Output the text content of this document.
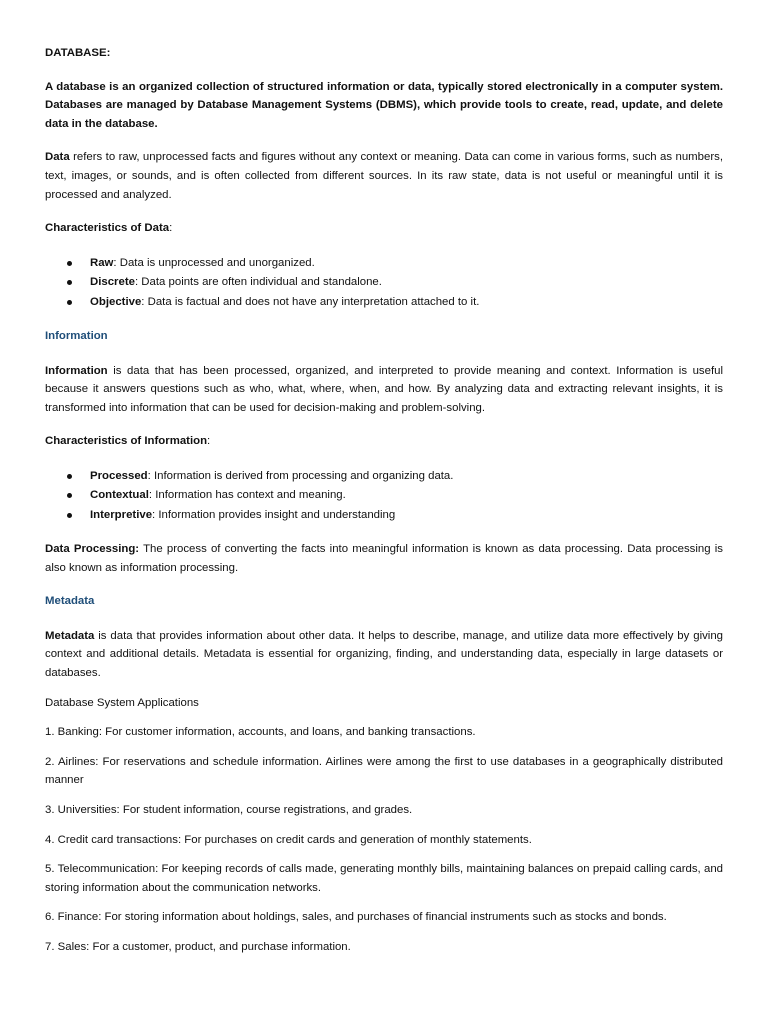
DATABASE:

A database is an organized collection of structured information or data, typically stored electronically in a computer system. Databases are managed by Database Management Systems (DBMS), which provide tools to create, read, update, and delete data in the database.

Data refers to raw, unprocessed facts and figures without any context or meaning. Data can come in various forms, such as numbers, text, images, or sounds, and is often collected from different sources. In its raw state, data is not useful or meaningful until it is processed and analyzed.

Characteristics of Data:

Raw: Data is unprocessed and unorganized.
Discrete: Data points are often individual and standalone.
Objective: Data is factual and does not have any interpretation attached to it.

Information

Information is data that has been processed, organized, and interpreted to provide meaning and context. Information is useful because it answers questions such as who, what, where, when, and how. By analyzing data and extracting relevant insights, it is transformed into information that can be used for decision-making and problem-solving.

Characteristics of Information:

Processed: Information is derived from processing and organizing data.
Contextual: Information has context and meaning.
Interpretive: Information provides insight and understanding

Data Processing: The process of converting the facts into meaningful information is known as data processing. Data processing is also known as information processing.

Metadata

Metadata is data that provides information about other data. It helps to describe, manage, and utilize data more effectively by giving context and additional details. Metadata is essential for organizing, finding, and understanding data, especially in large datasets or databases.

Database System Applications

1. Banking: For customer information, accounts, and loans, and banking transactions.

2. Airlines: For reservations and schedule information. Airlines were among the first to use databases in a geographically distributed manner

3. Universities: For student information, course registrations, and grades.

4. Credit card transactions: For purchases on credit cards and generation of monthly statements.

5. Telecommunication: For keeping records of calls made, generating monthly bills, maintaining balances on prepaid calling cards, and storing information about the communication networks.

6. Finance: For storing information about holdings, sales, and purchases of financial instruments such as stocks and bonds.

7. Sales: For a customer, product, and purchase information.
